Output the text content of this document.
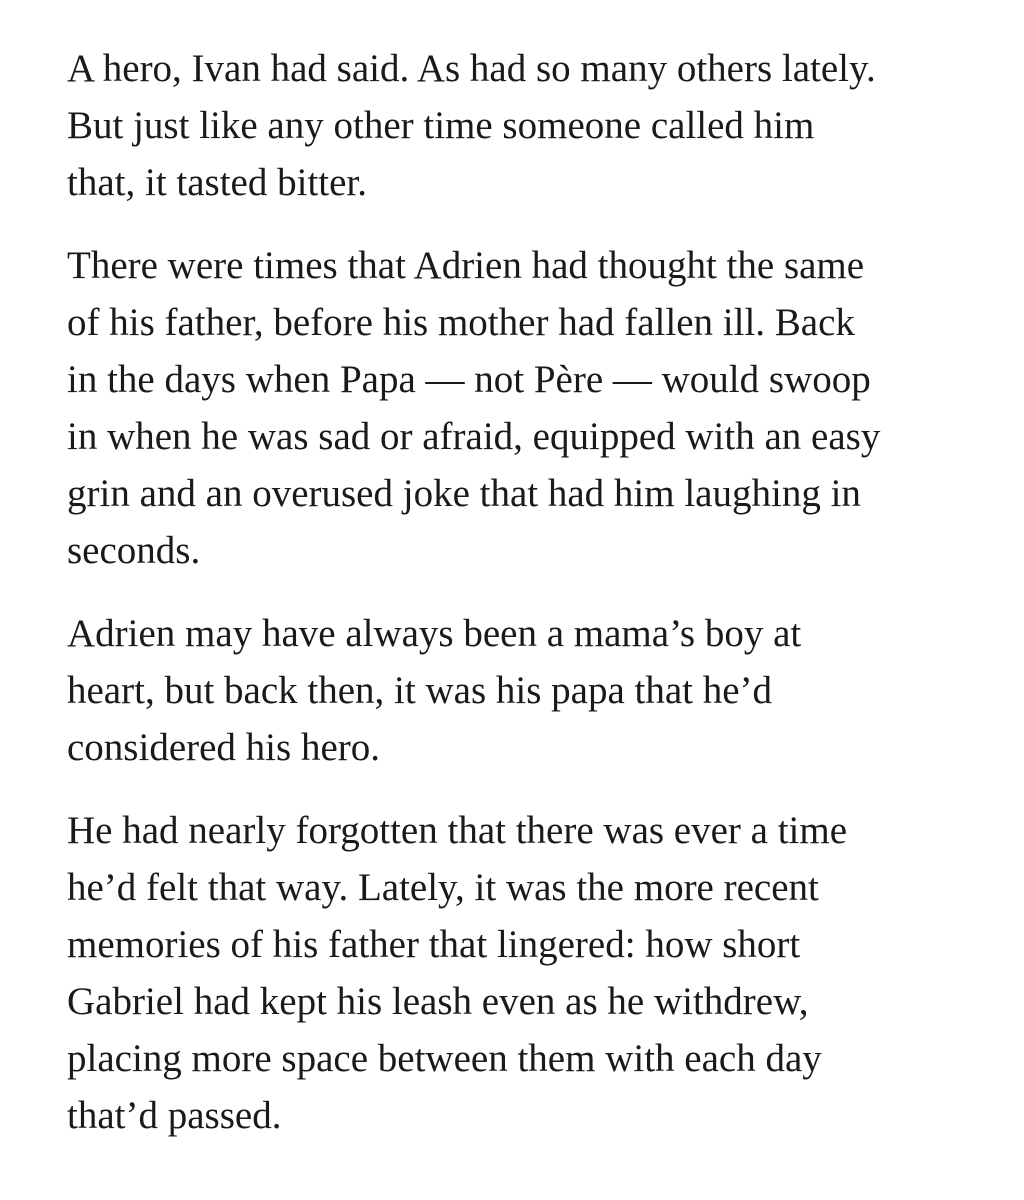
A hero, Ivan had said. As had so many others lately.
But just like any other time someone called him
that, it tasted bitter.

There were times that Adrien had thought the same
of his father, before his mother had fallen ill. Back
in the days when Papa — not Père — would swoop
in when he was sad or afraid, equipped with an easy
grin and an overused joke that had him laughing in
seconds.

Adrien may have always been a mama’s boy at
heart, but back then, it was his papa that he’d
considered his hero.

He had nearly forgotten that there was ever a time
he’d felt that way. Lately, it was the more recent
memories of his father that lingered: how short
Gabriel had kept his leash even as he withdrew,
placing more space between them with each day
that’d passed.
